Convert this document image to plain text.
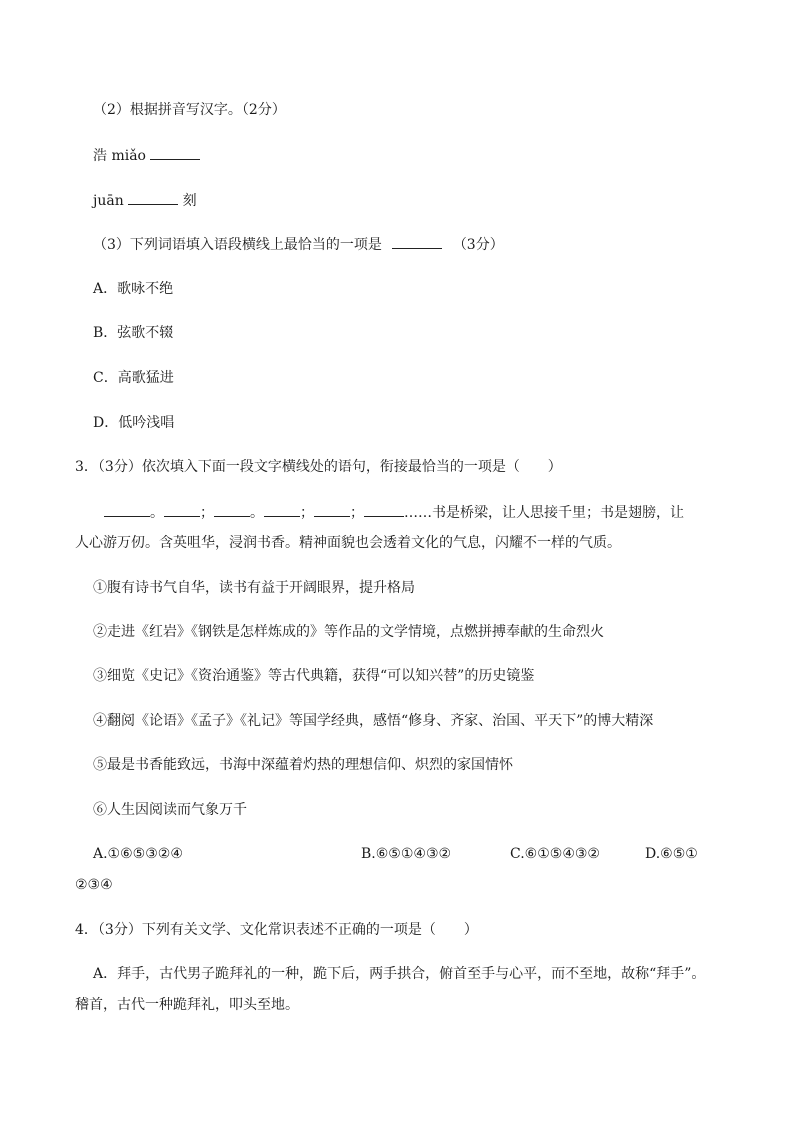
（2）根据拼音写汉字。（2分）
浩 miǎo
juān	刻
（3）下列词语填入语段横线上最恰当的一项是	（3分）
A．歌咏不绝
B．弦歌不辍
C．高歌猛进
D．低吟浅唱
3．（3分）依次填入下面一段文字横线处的语句，衔接最恰当的一项是（　　）
。	；	。	；	；	……书是桥梁，让人思接千里；书是翅膀，让
人心游万仞。含英咀华，浸润书香。精神面貌也会透着文化的气息，闪耀不一样的气质。
①腹有诗书气自华，读书有益于开阔眼界，提升格局
②走进《红岩》《钢铁是怎样炼成的》等作品的文学情境，点燃拼搏奉献的生命烈火
③细览《史记》《资治通鉴》等古代典籍，获得“可以知兴替”的历史镜鉴
④翻阅《论语》《孟子》《礼记》等国学经典，感悟“修身、齐家、治国、平天下”的博大精深
⑤最是书香能致远，书海中深蕴着灼热的理想信仰、炽烈的家国情怀
⑥人生因阅读而气象万千
A.①⑥⑤③②④	B.⑥⑤①④③②	C.⑥①⑤④③②	D.⑥⑤①
②③④
4．（3分）下列有关文学、文化常识表述不正确的一项是（　　）
A．拜手，古代男子跪拜礼的一种，跪下后，两手拱合，俯首至手与心平，而不至地，故称“拜手”。
稽首，古代一种跪拜礼，叩头至地。
